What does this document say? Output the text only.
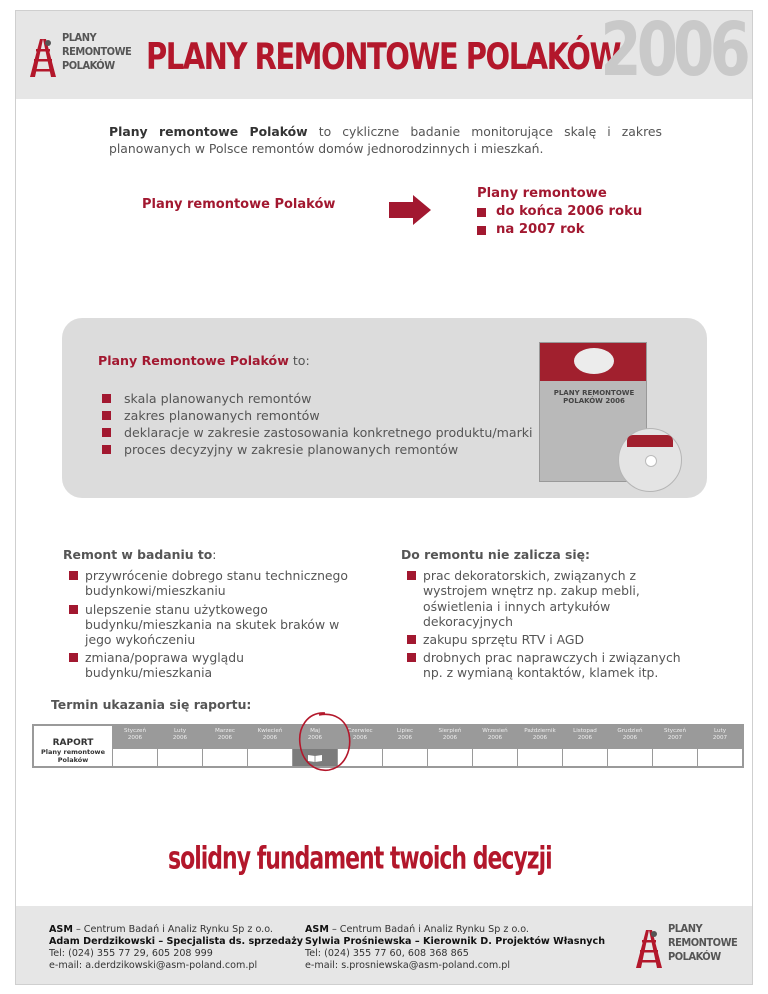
PLANY
REMONTOWE
POLAKÓW	PLANY REMONTOWE POLAKÓW
2006

Plany remontowe Polaków to cykliczne badanie monitorujące skalę i zakres planowanych w Polsce remontów domów jednorodzinnych i mieszkań.

Plany remontowe Polaków
Plany remontowe
do końca 2006 roku
na 2007 rok
Plany Remontowe Polaków to:
skala planowanych remontów
zakres planowanych remontów
deklaracje w zakresie zastosowania konkretnego produktu/marki
proces decyzyjny w zakresie planowanych remontów
PLANY REMONTOWE POLAKÓW 2006
Remont w badaniu to:
przywrócenie dobrego stanu technicznego budynkowi/mieszkaniu
ulepszenie stanu użytkowego budynku/mieszkania na skutek braków w jego wykończeniu
zmiana/poprawa wyglądu budynku/mieszkania
Do remontu nie zalicza się:
prac dekoratorskich, związanych z wystrojem wnętrz np. zakup mebli, oświetlenia i innych artykułów dekoracyjnych
zakupu sprzętu RTV i AGD
drobnych prac naprawczych i związanych np. z wymianą kontaktów, klamek itp.
Termin ukazania się raportu:
RAPORT
Plany remontowe Polaków
Styczeń
2006
Luty
2006
Marzec
2006
Kwiecień
2006
Maj
2006
Czerwiec
2006
Lipiec
2006
Sierpień
2006
Wrzesień
2006
Październik
2006
Listopad
2006
Grudzień
2006
Styczeń
2007
Luty
2007
solidny fundament twoich decyzji
ASM – Centrum Badań i Analiz Rynku Sp z o.o.
Adam Derdzikowski – Specjalista ds. sprzedaży
Tel: (024) 355 77 29, 605 208 999
e-mail: a.derdzikowski@asm-poland.com.pl
ASM – Centrum Badań i Analiz Rynku Sp z o.o.
Sylwia Prośniewska – Kierownik D. Projektów Własnych
Tel: (024) 355 77 60, 608 368 865
e-mail: s.prosniewska@asm-poland.com.pl
PLANY
REMONTOWE
POLAKÓW
